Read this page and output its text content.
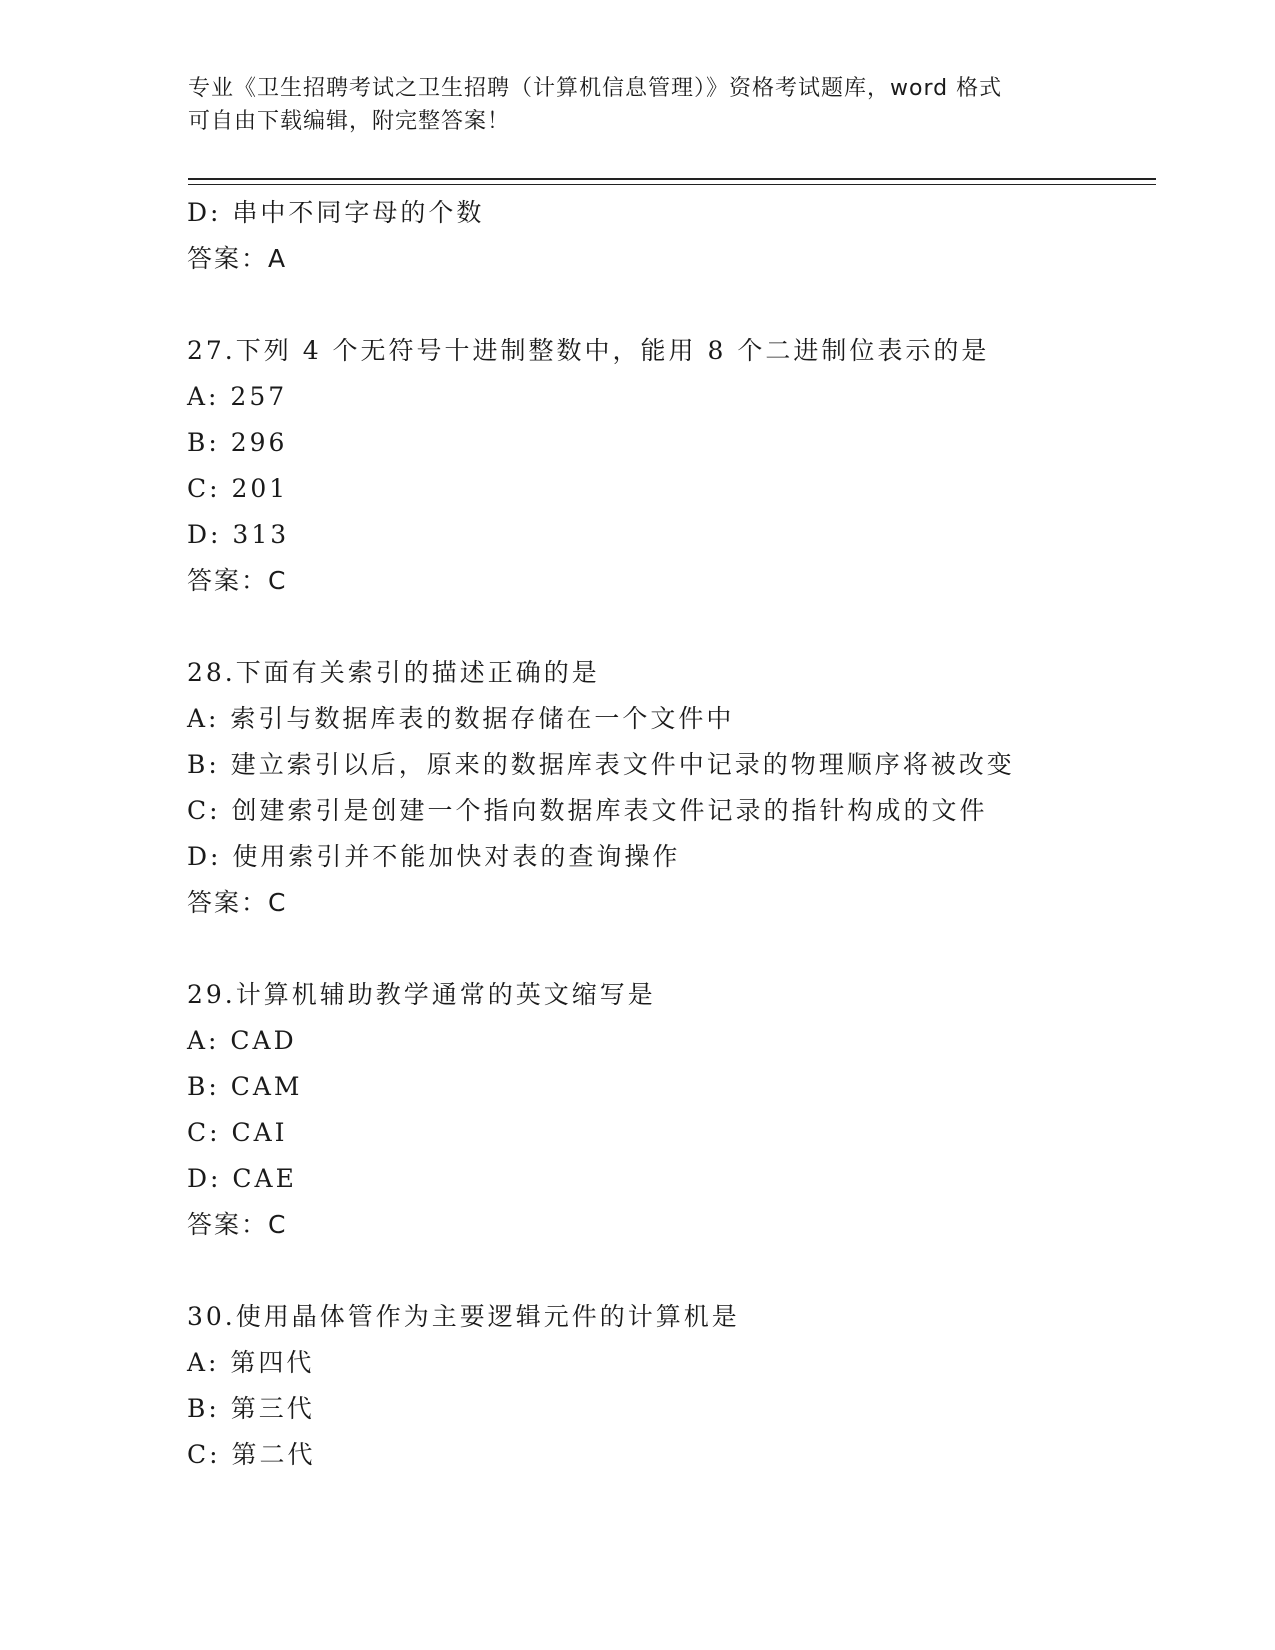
专业《卫生招聘考试之卫生招聘（计算机信息管理）》资格考试题库，word 格式
可自由下载编辑，附完整答案！
D: 串中不同字母的个数
答案：A
27.下列 4 个无符号十进制整数中，能用 8 个二进制位表示的是
A: 257
B: 296
C: 201
D: 313
答案：C
28.下面有关索引的描述正确的是
A: 索引与数据库表的数据存储在一个文件中
B: 建立索引以后，原来的数据库表文件中记录的物理顺序将被改变
C: 创建索引是创建一个指向数据库表文件记录的指针构成的文件
D: 使用索引并不能加快对表的查询操作
答案：C
29.计算机辅助教学通常的英文缩写是
A: CAD
B: CAM
C: CAI
D: CAE
答案：C
30.使用晶体管作为主要逻辑元件的计算机是
A: 第四代
B: 第三代
C: 第二代
